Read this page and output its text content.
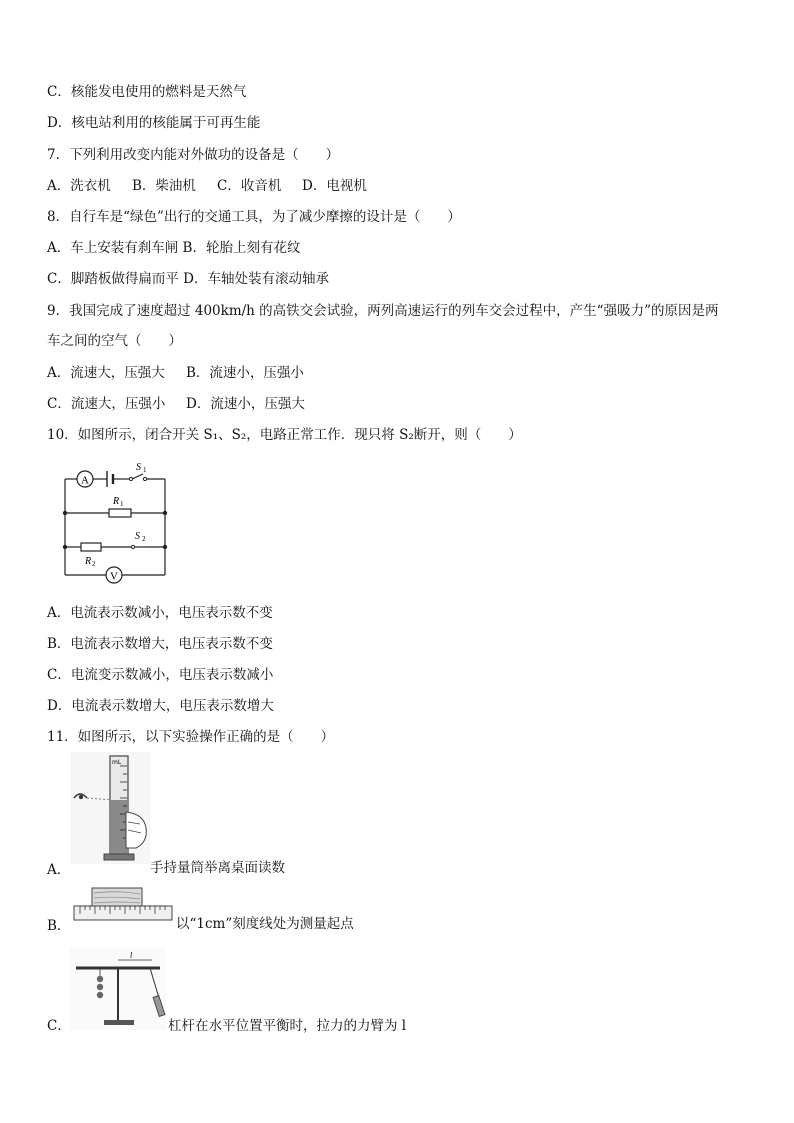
C．核能发电使用的燃料是天然气
D．核电站利用的核能属于可再生能
7．下列利用改变内能对外做功的设备是（　　）
A．洗衣机 B．柴油机 C．收音机 D．电视机
8．自行车是“绿色”出行的交通工具，为了减少摩擦的设计是（　　）
A．车上安装有刹车闸 B．轮胎上刻有花纹
C．脚踏板做得扁而平 D．车轴处装有滚动轴承
9．我国完成了速度超过 400km/h 的高铁交会试验，两列高速运行的列车交会过程中，产生“强吸力”的原因是两
车之间的空气（　　）
A．流速大，压强大 B．流速小，压强小
C．流速大，压强小 D．流速小，压强大
10．如图所示，闭合开关 S₁、S₂，电路正常工作．现只将 S₂断开，则（　　）
A
S 1
R 1
S 2
R 2
V
A．电流表示数减小，电压表示数不变
B．电流表示数增大，电压表示数不变
C．电流变示数减小，电压表示数减小
D．电流表示数增大，电压表示数增大
11．如图所示，以下实验操作正确的是（　　）
mL
A．	手持量筒举离桌面读数
B．	以“1cm”刻度线处为测量起点
l
C．	杠杆在水平位置平衡时，拉力的力臂为 l
